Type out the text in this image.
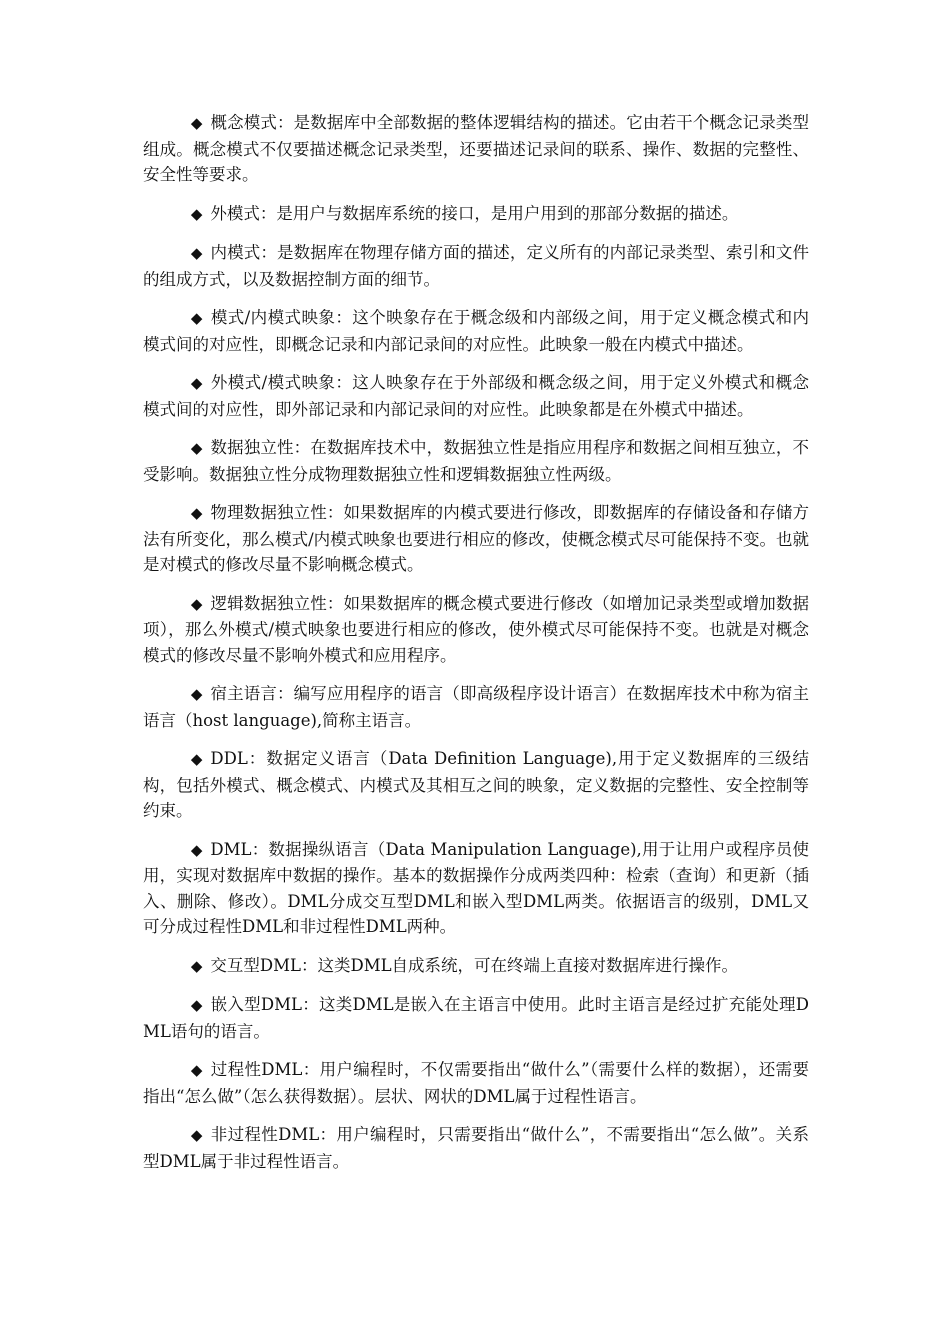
◆ 概念模式：是数据库中全部数据的整体逻辑结构的描述。它由若干个概念记录类型组成。概念模式不仅要描述概念记录类型，还要描述记录间的联系、操作、数据的完整性、安全性等要求。

◆ 外模式：是用户与数据库系统的接口，是用户用到的那部分数据的描述。

◆ 内模式：是数据库在物理存储方面的描述，定义所有的内部记录类型、索引和文件的组成方式，以及数据控制方面的细节。

◆ 模式/内模式映象：这个映象存在于概念级和内部级之间，用于定义概念模式和内模式间的对应性，即概念记录和内部记录间的对应性。此映象一般在内模式中描述。

◆ 外模式/模式映象：这人映象存在于外部级和概念级之间，用于定义外模式和概念模式间的对应性，即外部记录和内部记录间的对应性。此映象都是在外模式中描述。

◆ 数据独立性：在数据库技术中，数据独立性是指应用程序和数据之间相互独立，不受影响。数据独立性分成物理数据独立性和逻辑数据独立性两级。

◆ 物理数据独立性：如果数据库的内模式要进行修改，即数据库的存储设备和存储方法有所变化，那么模式/内模式映象也要进行相应的修改，使概念模式尽可能保持不变。也就是对模式的修改尽量不影响概念模式。

◆ 逻辑数据独立性：如果数据库的概念模式要进行修改（如增加记录类型或增加数据项），那么外模式/模式映象也要进行相应的修改，使外模式尽可能保持不变。也就是对概念模式的修改尽量不影响外模式和应用程序。

◆ 宿主语言：编写应用程序的语言（即高级程序设计语言）在数据库技术中称为宿主语言（host language),简称主语言。

◆ DDL：数据定义语言（Data Definition Language),用于定义数据库的三级结构，包括外模式、概念模式、内模式及其相互之间的映象，定义数据的完整性、安全控制等约束。

◆ DML：数据操纵语言（Data Manipulation Language),用于让用户或程序员使用，实现对数据库中数据的操作。基本的数据操作分成两类四种：检索（查询）和更新（插入、删除、修改）。DML分成交互型DML和嵌入型DML两类。依据语言的级别，DML又可分成过程性DML和非过程性DML两种。

◆ 交互型DML：这类DML自成系统，可在终端上直接对数据库进行操作。

◆ 嵌入型DML：这类DML是嵌入在主语言中使用。此时主语言是经过扩充能处理DML语句的语言。

◆ 过程性DML：用户编程时，不仅需要指出“做什么”（需要什么样的数据），还需要指出“怎么做”（怎么获得数据）。层状、网状的DML属于过程性语言。

◆ 非过程性DML：用户编程时，只需要指出“做什么”，不需要指出“怎么做”。关系型DML属于非过程性语言。
